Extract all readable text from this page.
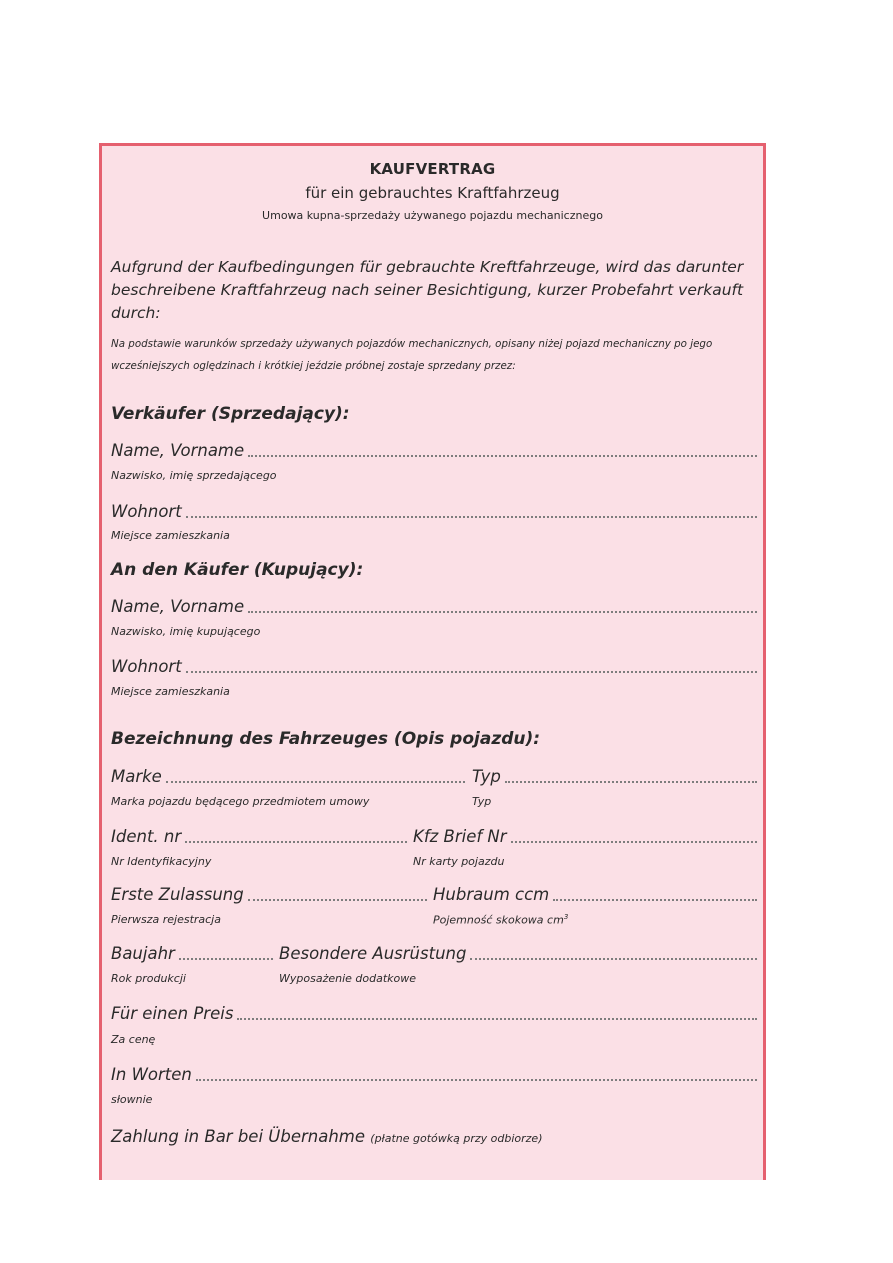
KAUFVERTRAG
für ein gebrauchtes Kraftfahrzeug
Umowa kupna-sprzedaży używanego pojazdu mechanicznego
Aufgrund der Kaufbedingungen für gebrauchte Kreftfahrzeuge, wird das darunter beschreibene Kraftfahrzeug nach seiner Besichtigung, kurzer Probefahrt verkauft durch:
Na podstawie warunków sprzedaży używanych pojazdów mechanicznych, opisany niżej pojazd mechaniczny po jego wcześniejszych oględzinach i krótkiej jeździe próbnej zostaje sprzedany przez:
Verkäufer (Sprzedający):
Name, Vorname
Nazwisko, imię sprzedającego
Wohnort
Miejsce zamieszkania
An den Käufer (Kupujący):
Name, Vorname
Nazwisko, imię kupującego
Wohnort
Miejsce zamieszkania
Bezeichnung des Fahrzeuges (Opis pojazdu):
Marke	Typ
Marka pojazdu będącego przedmiotem umowy	Typ
Ident. nr	Kfz Brief Nr
Nr Identyfikacyjny	Nr karty pojazdu
Erste Zulassung	Hubraum ccm
Pierwsza rejestracja	Pojemność skokowa $cm^3$
Baujahr	Besondere Ausrüstung
Rok produkcji	Wyposażenie dodatkowe
Für einen Preis
Za cenę
In Worten
słownie
Zahlung in Bar bei Übernahme (płatne gotówką przy odbiorze)
